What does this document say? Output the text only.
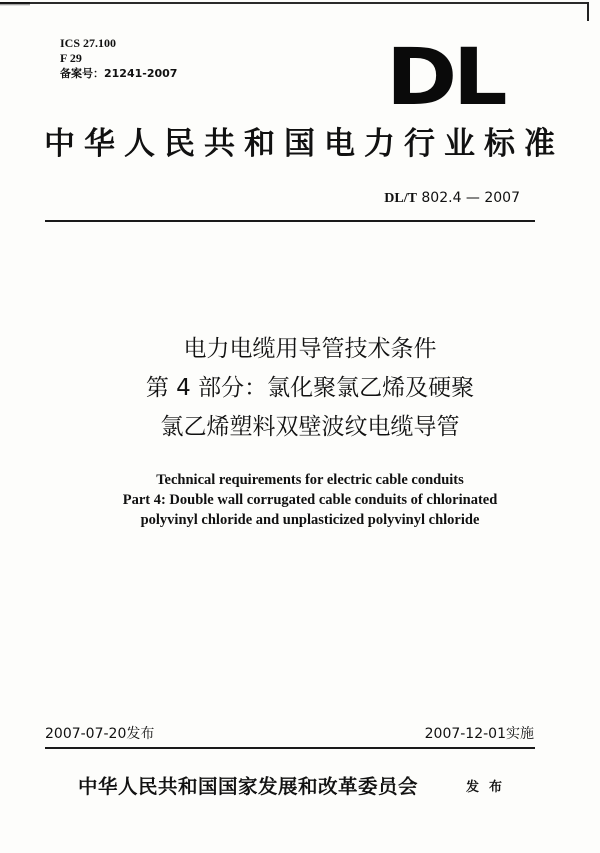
ICS 27.100
F 29
备案号：21241-2007	DL
中华人民共和国电力行业标准
DL/T 802.4 — 2007
电力电缆用导管技术条件
第 4 部分：氯化聚氯乙烯及硬聚
氯乙烯塑料双壁波纹电缆导管
Technical requirements for electric cable conduits
Part 4: Double wall corrugated cable conduits of chlorinated
polyvinyl chloride and unplasticized polyvinyl chloride
2007-07-20发布	2007-12-01实施
中华人民共和国国家发展和改革委员会	发布
